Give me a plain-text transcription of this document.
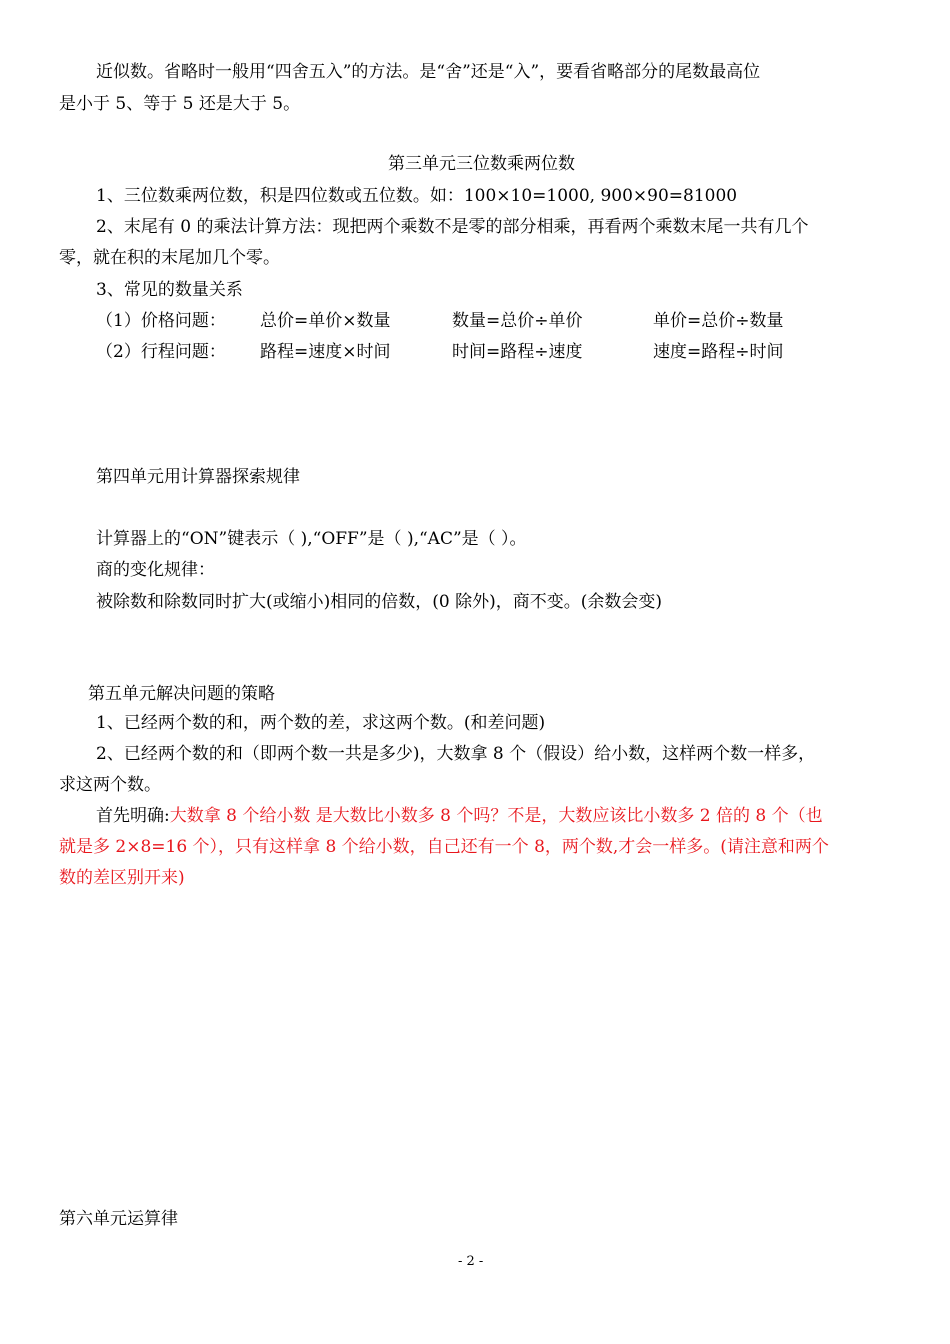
近似数。省略时一般用“四舍五入”的方法。是“舍”还是“入”，要看省略部分的尾数最高位
是小于 5、等于 5 还是大于 5。
第三单元三位数乘两位数
1、三位数乘两位数，积是四位数或五位数。如：100×10=1000, 900×90=81000
2、末尾有 0 的乘法计算方法：现把两个乘数不是零的部分相乘，再看两个乘数末尾一共有几个
零，就在积的末尾加几个零。
3、常见的数量关系
（1）价格问题： 总价=单价×数量	数量=总价÷单价	单价=总价÷数量
（2）行程问题： 路程=速度×时间	时间=路程÷速度	速度=路程÷时间
第四单元用计算器探索规律
计算器上的“ON”键表示（ ),“OFF”是（ ),“AC”是（ ）。
商的变化规律：
被除数和除数同时扩大(或缩小)相同的倍数，(0 除外)，商不变。(余数会变)
第五单元解决问题的策略
1、已经两个数的和，两个数的差，求这两个数。(和差问题)
2、已经两个数的和（即两个数一共是多少)，大数拿 8 个（假设）给小数，这样两个数一样多，
求这两个数。
首先明确:大数拿 8 个给小数 是大数比小数多 8 个吗？不是，大数应该比小数多 2 倍的 8 个（也
就是多 2×8=16 个），只有这样拿 8 个给小数，自己还有一个 8，两个数,才会一样多。(请注意和两个
数的差区别开来)
第六单元运算律
- 2 -
